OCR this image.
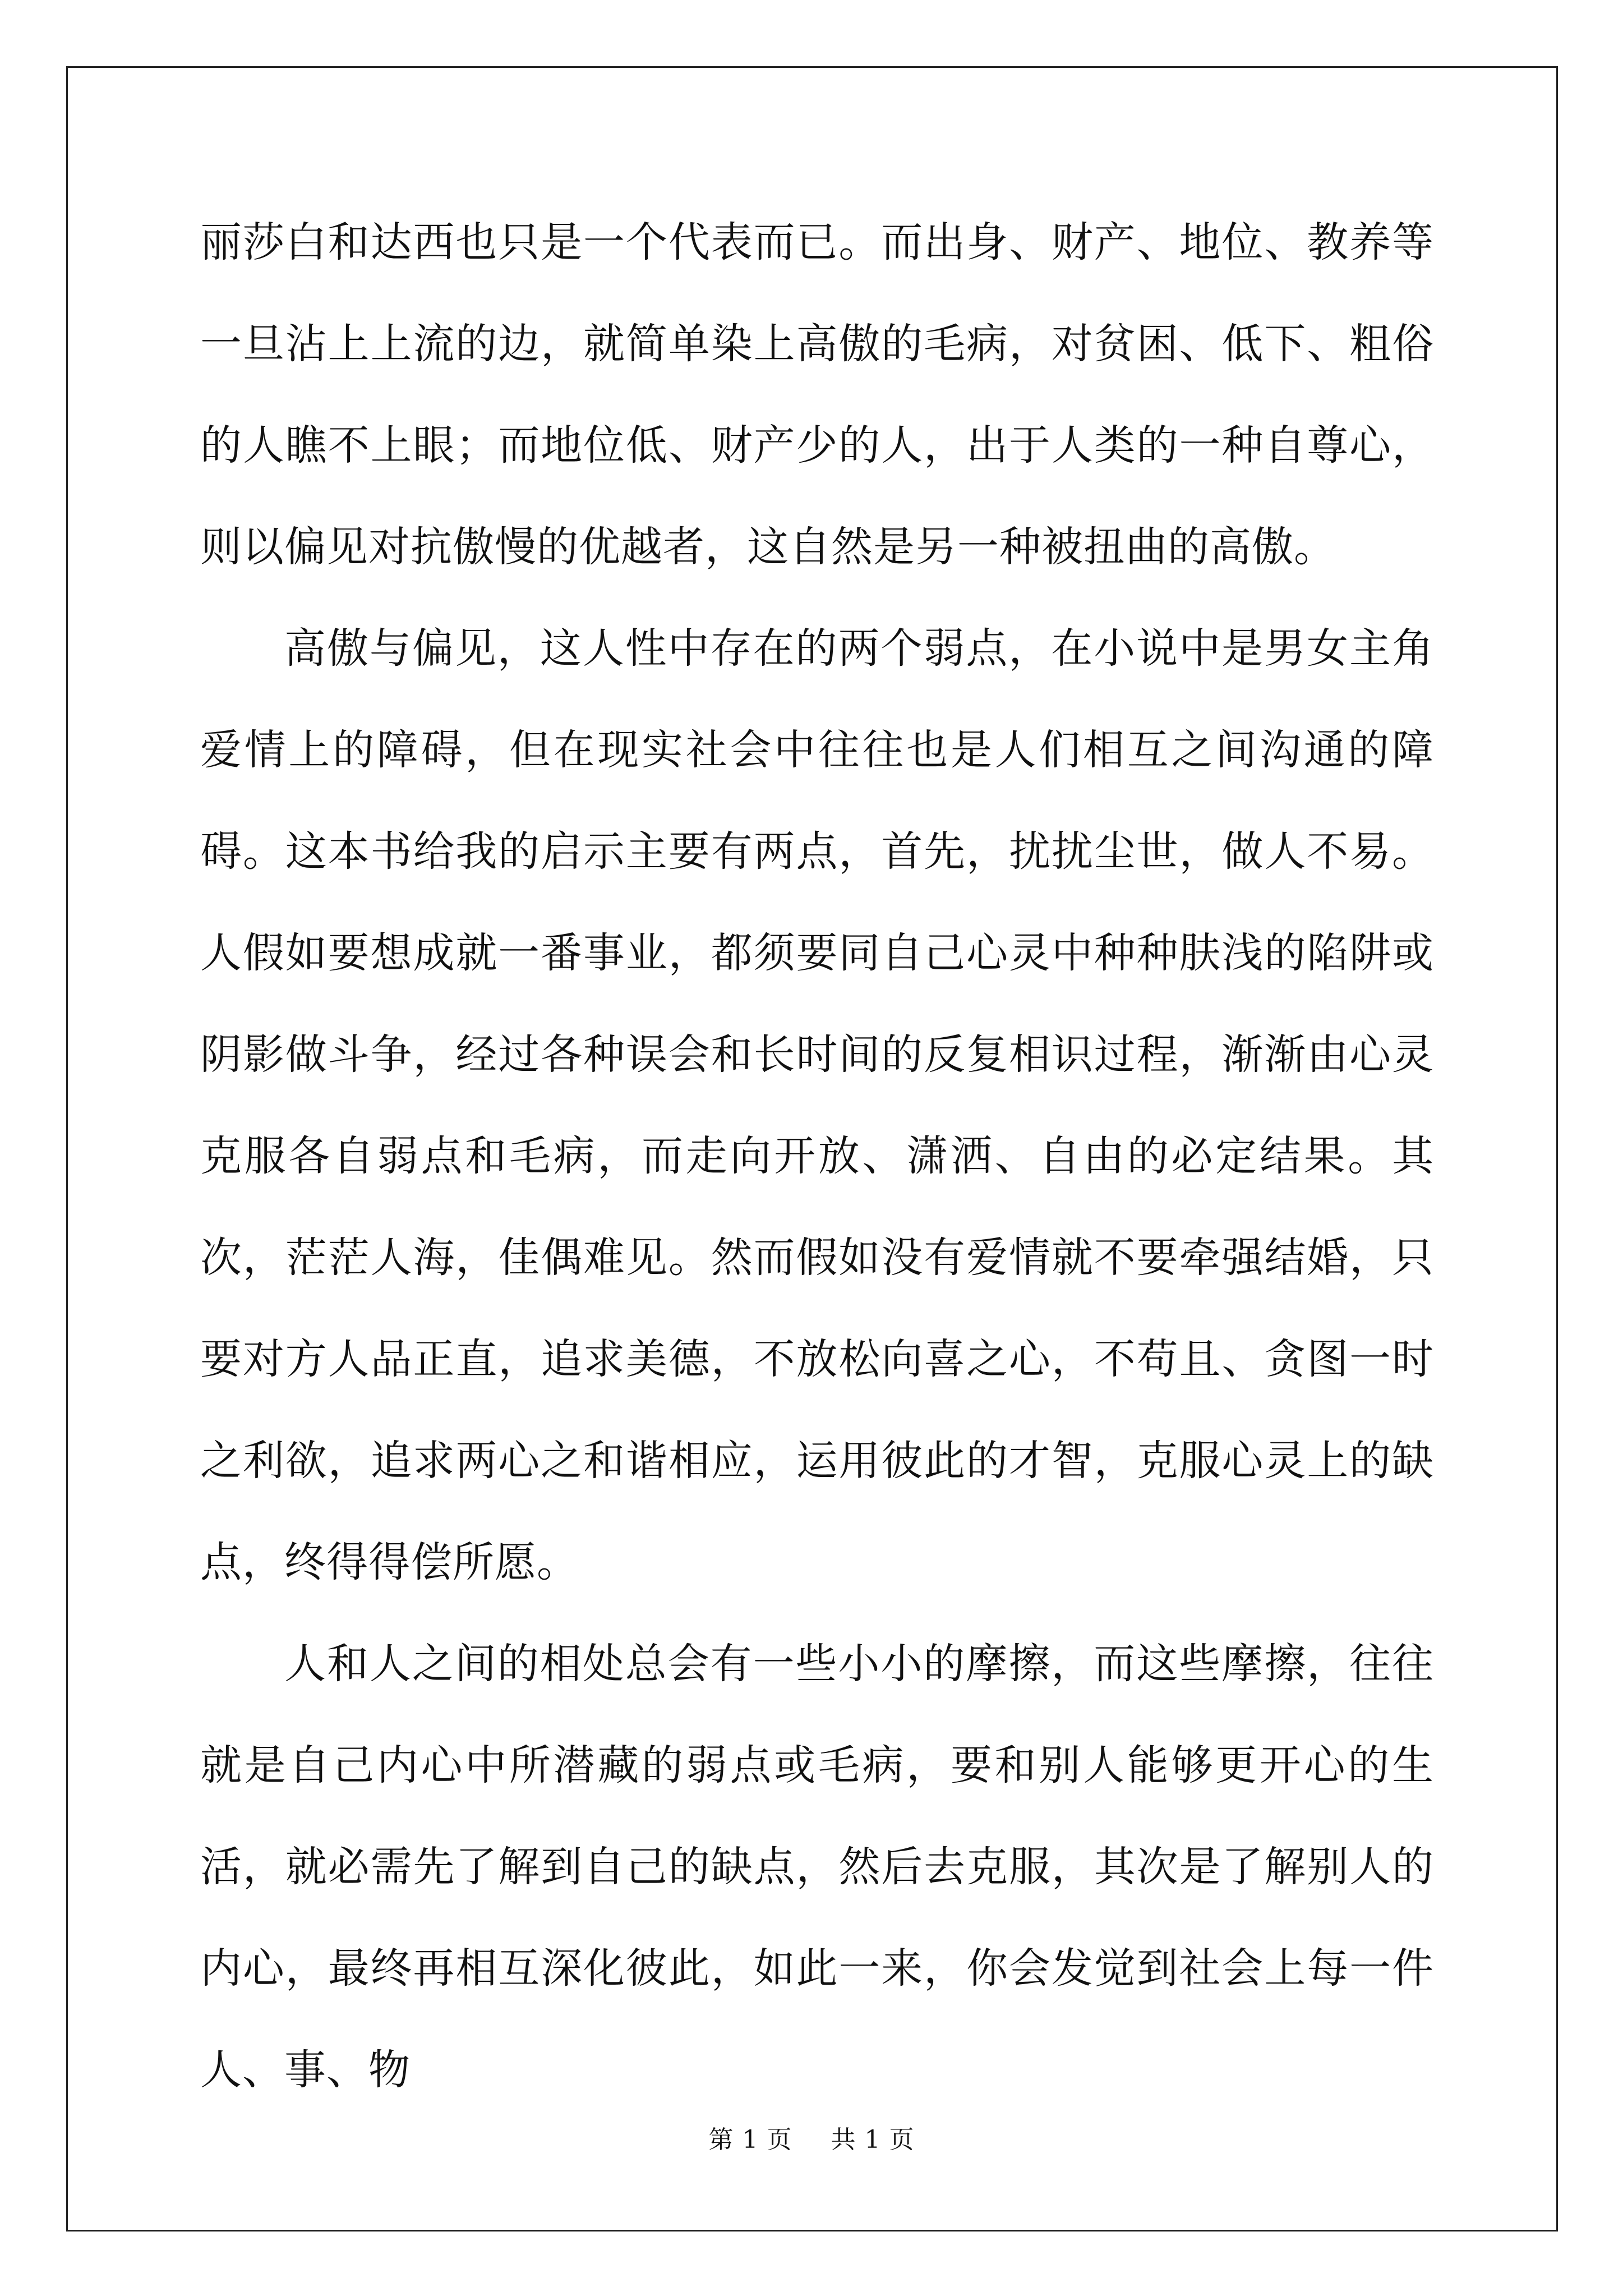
丽莎白和达西也只是一个代表而已。而出身、财产、地位、教养等一旦沾上上流的边，就简单染上高傲的毛病，对贫困、低下、粗俗的人瞧不上眼；而地位低、财产少的人，出于人类的一种自尊心，则以偏见对抗傲慢的优越者，这自然是另一种被扭曲的高傲。

高傲与偏见，这人性中存在的两个弱点，在小说中是男女主角爱情上的障碍，但在现实社会中往往也是人们相互之间沟通的障碍。这本书给我的启示主要有两点，首先，扰扰尘世，做人不易。人假如要想成就一番事业，都须要同自己心灵中种种肤浅的陷阱或阴影做斗争，经过各种误会和长时间的反复相识过程，渐渐由心灵克服各自弱点和毛病，而走向开放、潇洒、自由的必定结果。其次，茫茫人海，佳偶难见。然而假如没有爱情就不要牵强结婚，只要对方人品正直，追求美德，不放松向喜之心，不苟且、贪图一时之利欲，追求两心之和谐相应，运用彼此的才智，克服心灵上的缺点，终得得偿所愿。

人和人之间的相处总会有一些小小的摩擦，而这些摩擦，往往就是自己内心中所潜藏的弱点或毛病，要和别人能够更开心的生活，就必需先了解到自己的缺点，然后去克服，其次是了解别人的内心，最终再相互深化彼此，如此一来，你会发觉到社会上每一件人、事、物

第 1 页 共 1 页
